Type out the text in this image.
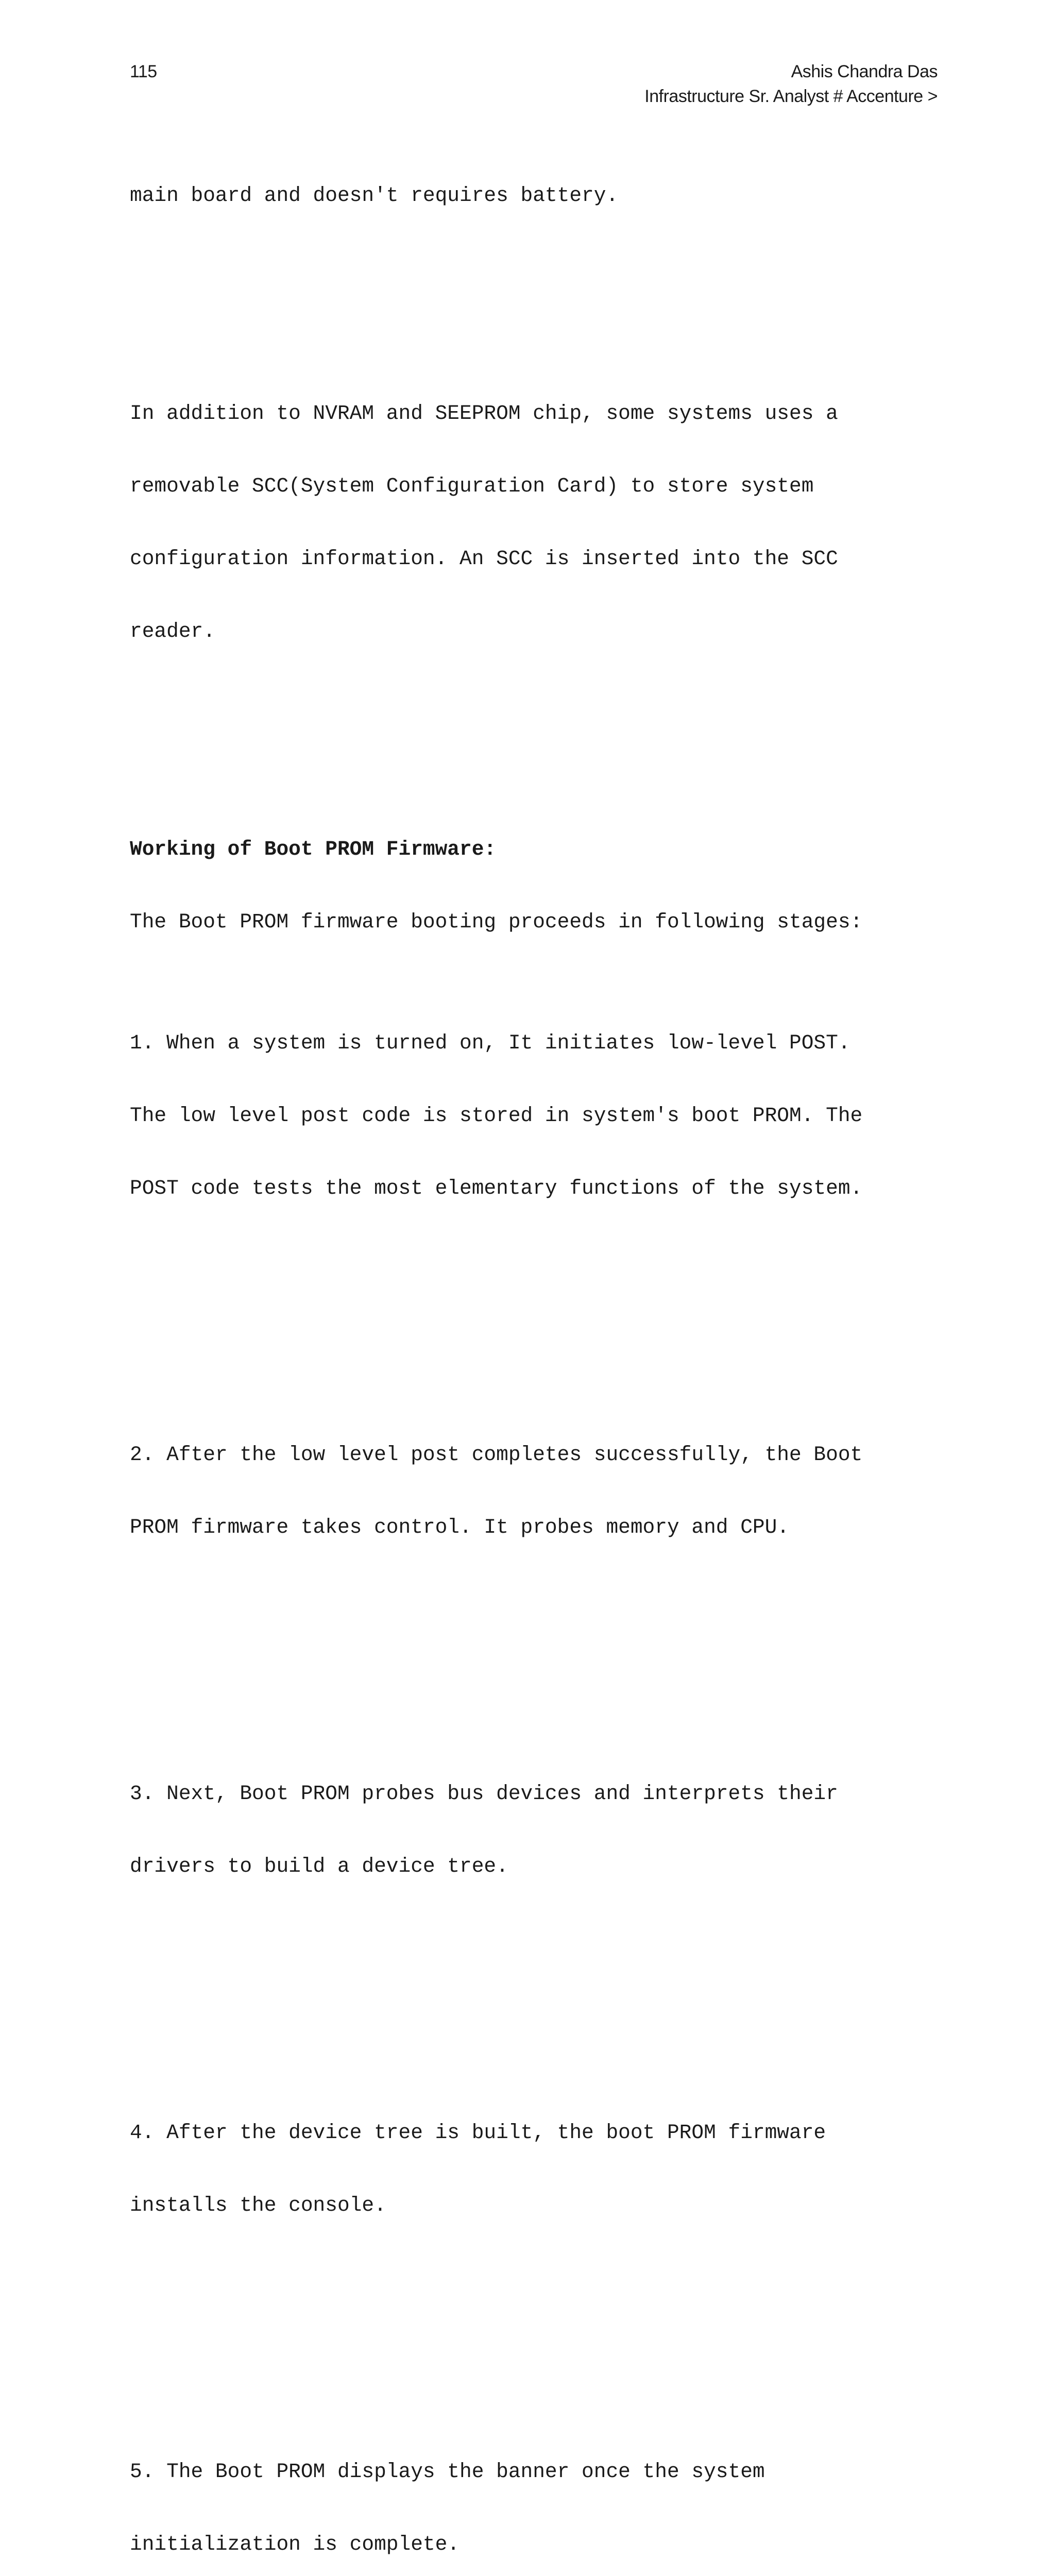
115	Ashis Chandra Das
Infrastructure Sr. Analyst # Accenture >

main board and doesn't requires battery.

In addition to NVRAM and SEEPROM chip, some systems uses a

removable SCC(System Configuration Card) to store system

configuration information. An SCC is inserted into the SCC

reader.

Working of Boot PROM Firmware:

The Boot PROM firmware booting proceeds in following stages:

1. When a system is turned on, It initiates low-level POST.

The low level post code is stored in system's boot PROM. The

POST code tests the most elementary functions of the system.

2. After the low level post completes successfully, the Boot

PROM firmware takes control. It probes memory and CPU.

3. Next, Boot PROM probes bus devices and interprets their

drivers to build a device tree.

4. After the device tree is built, the boot PROM firmware

installs the console.

5. The Boot PROM displays the banner once the system

initialization is complete.
